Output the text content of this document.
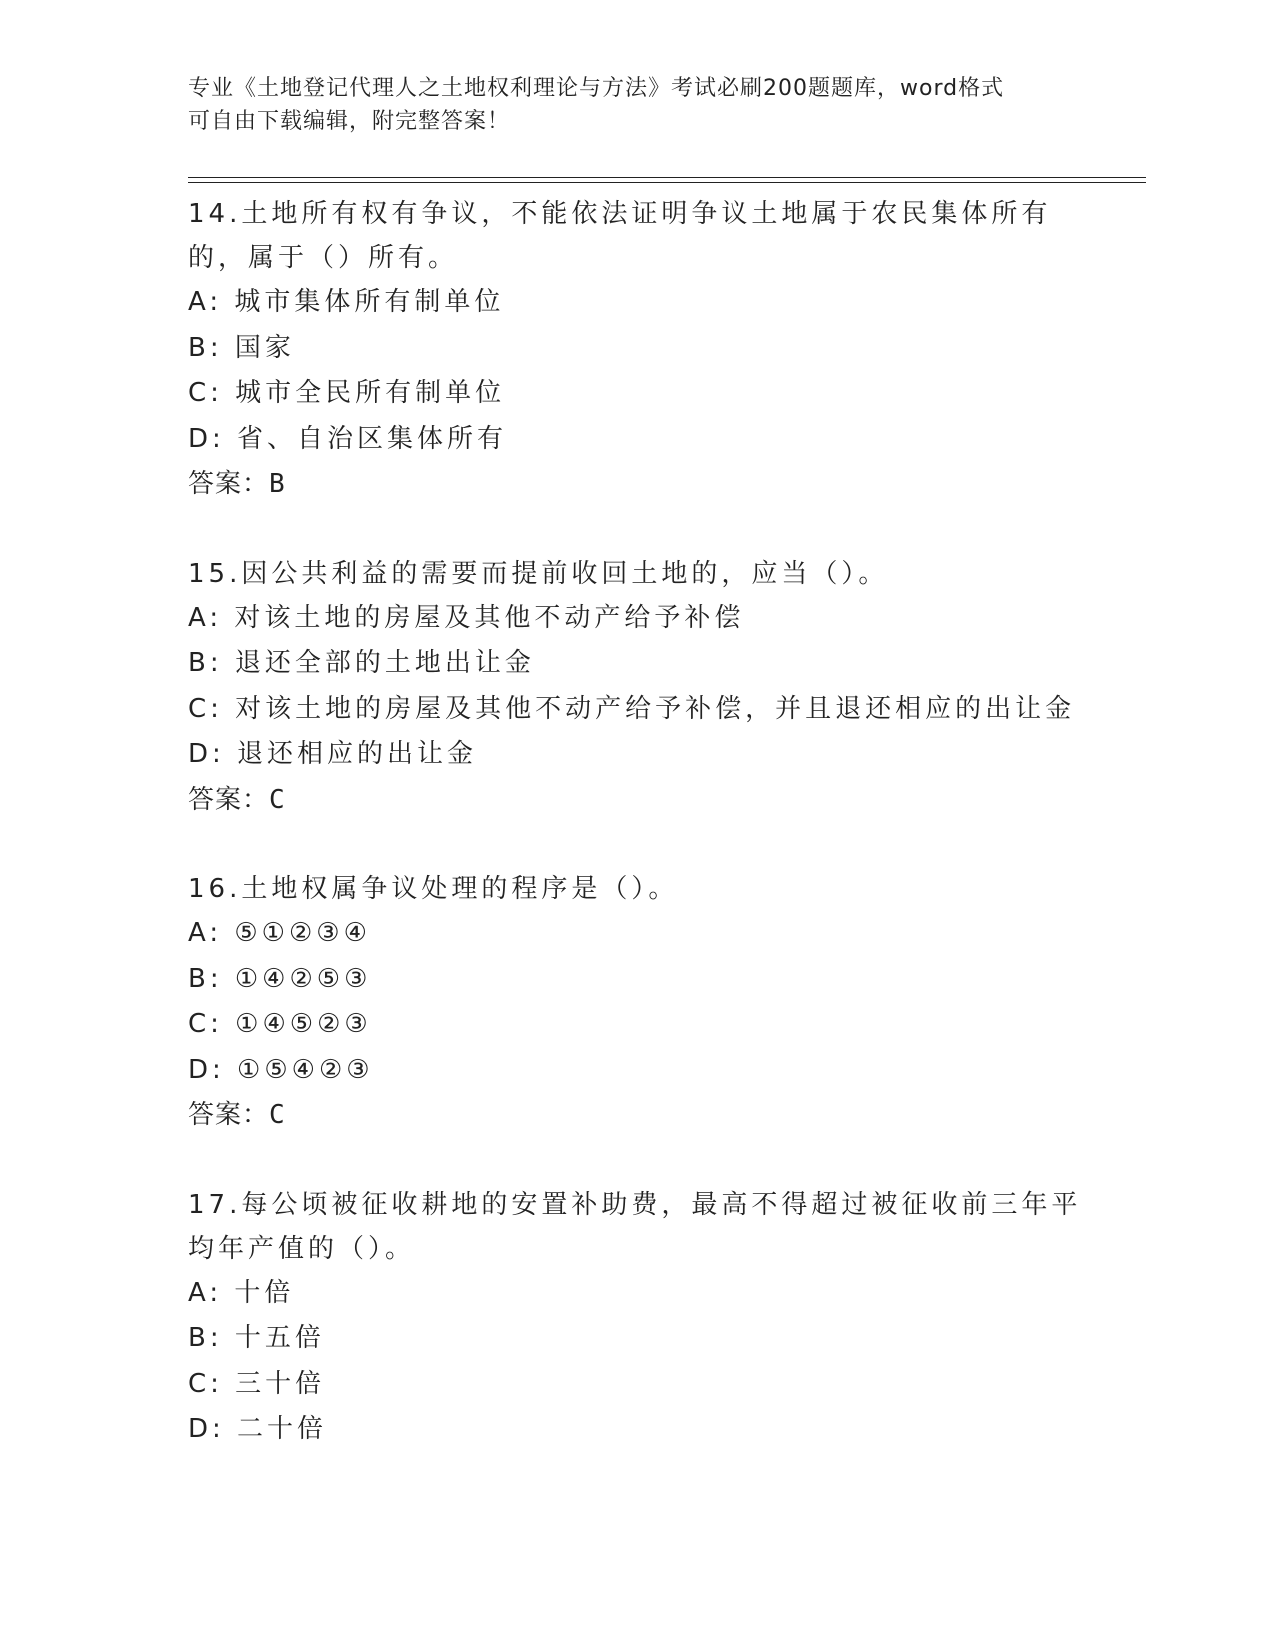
专业《土地登记代理人之土地权利理论与方法》考试必刷200题题库，word格式
可自由下载编辑，附完整答案！
14.土地所有权有争议，不能依法证明争议土地属于农民集体所有的，属于（）所有。
A: 城市集体所有制单位
B: 国家
C: 城市全民所有制单位
D: 省、自治区集体所有
答案：B
15.因公共利益的需要而提前收回土地的，应当（）。
A: 对该土地的房屋及其他不动产给予补偿
B: 退还全部的土地出让金
C: 对该土地的房屋及其他不动产给予补偿，并且退还相应的出让金
D: 退还相应的出让金
答案：C
16.土地权属争议处理的程序是（）。
A: ⑤①②③④
B: ①④②⑤③
C: ①④⑤②③
D: ①⑤④②③
答案：C
17.每公顷被征收耕地的安置补助费，最高不得超过被征收前三年平均年产值的（）。
A: 十倍
B: 十五倍
C: 三十倍
D: 二十倍
